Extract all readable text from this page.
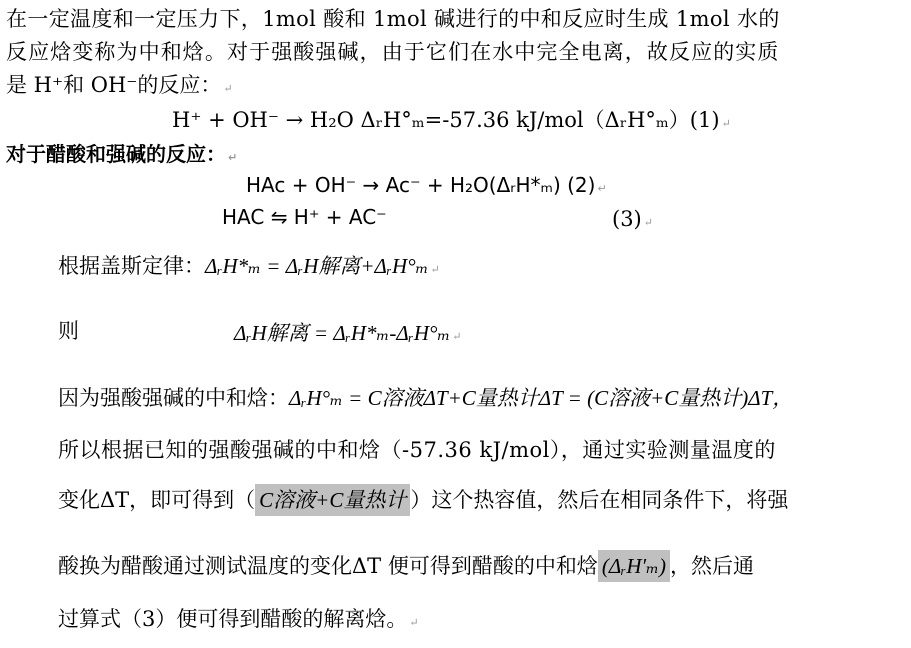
在一定温度和一定压力下，1mol 酸和 1mol 碱进行的中和反应时生成 1mol 水的
反应焓变称为中和焓。对于强酸强碱，由于它们在水中完全电离，故反应的实质
是 H⁺和 OH⁻的反应： ↵
H⁺ + OH⁻ → H₂O ΔᵣH°ₘ=-57.36 kJ/mol（ΔᵣH°ₘ）(1) ↵
对于醋酸和强碱的反应： ↵
HAc + OH⁻ → Ac⁻ + H₂O(ΔᵣH*ₘ) (2) ↵
HAC ⇋ H⁺ + AC⁻	(3) ↵
根据盖斯定律：ΔᵣH*ₘ = ΔᵣH解离+ΔᵣH°ₘ ↵
则	ΔᵣH解离 = ΔᵣH*ₘ-ΔᵣH°ₘ ↵
因为强酸强碱的中和焓：ΔᵣH°ₘ = C溶液ΔT+C量热计ΔT = (C溶液+C量热计)ΔT，
所以根据已知的强酸强碱的中和焓（-57.36 kJ/mol），通过实验测量温度的
变化ΔT，即可得到（ C溶液+C量热计 ）这个热容值，然后在相同条件下，将强
酸换为醋酸通过测试温度的变化ΔT 便可得到醋酸的中和焓 (ΔᵣH′ₘ) ，然后通
过算式（3）便可得到醋酸的解离焓。 ↵
